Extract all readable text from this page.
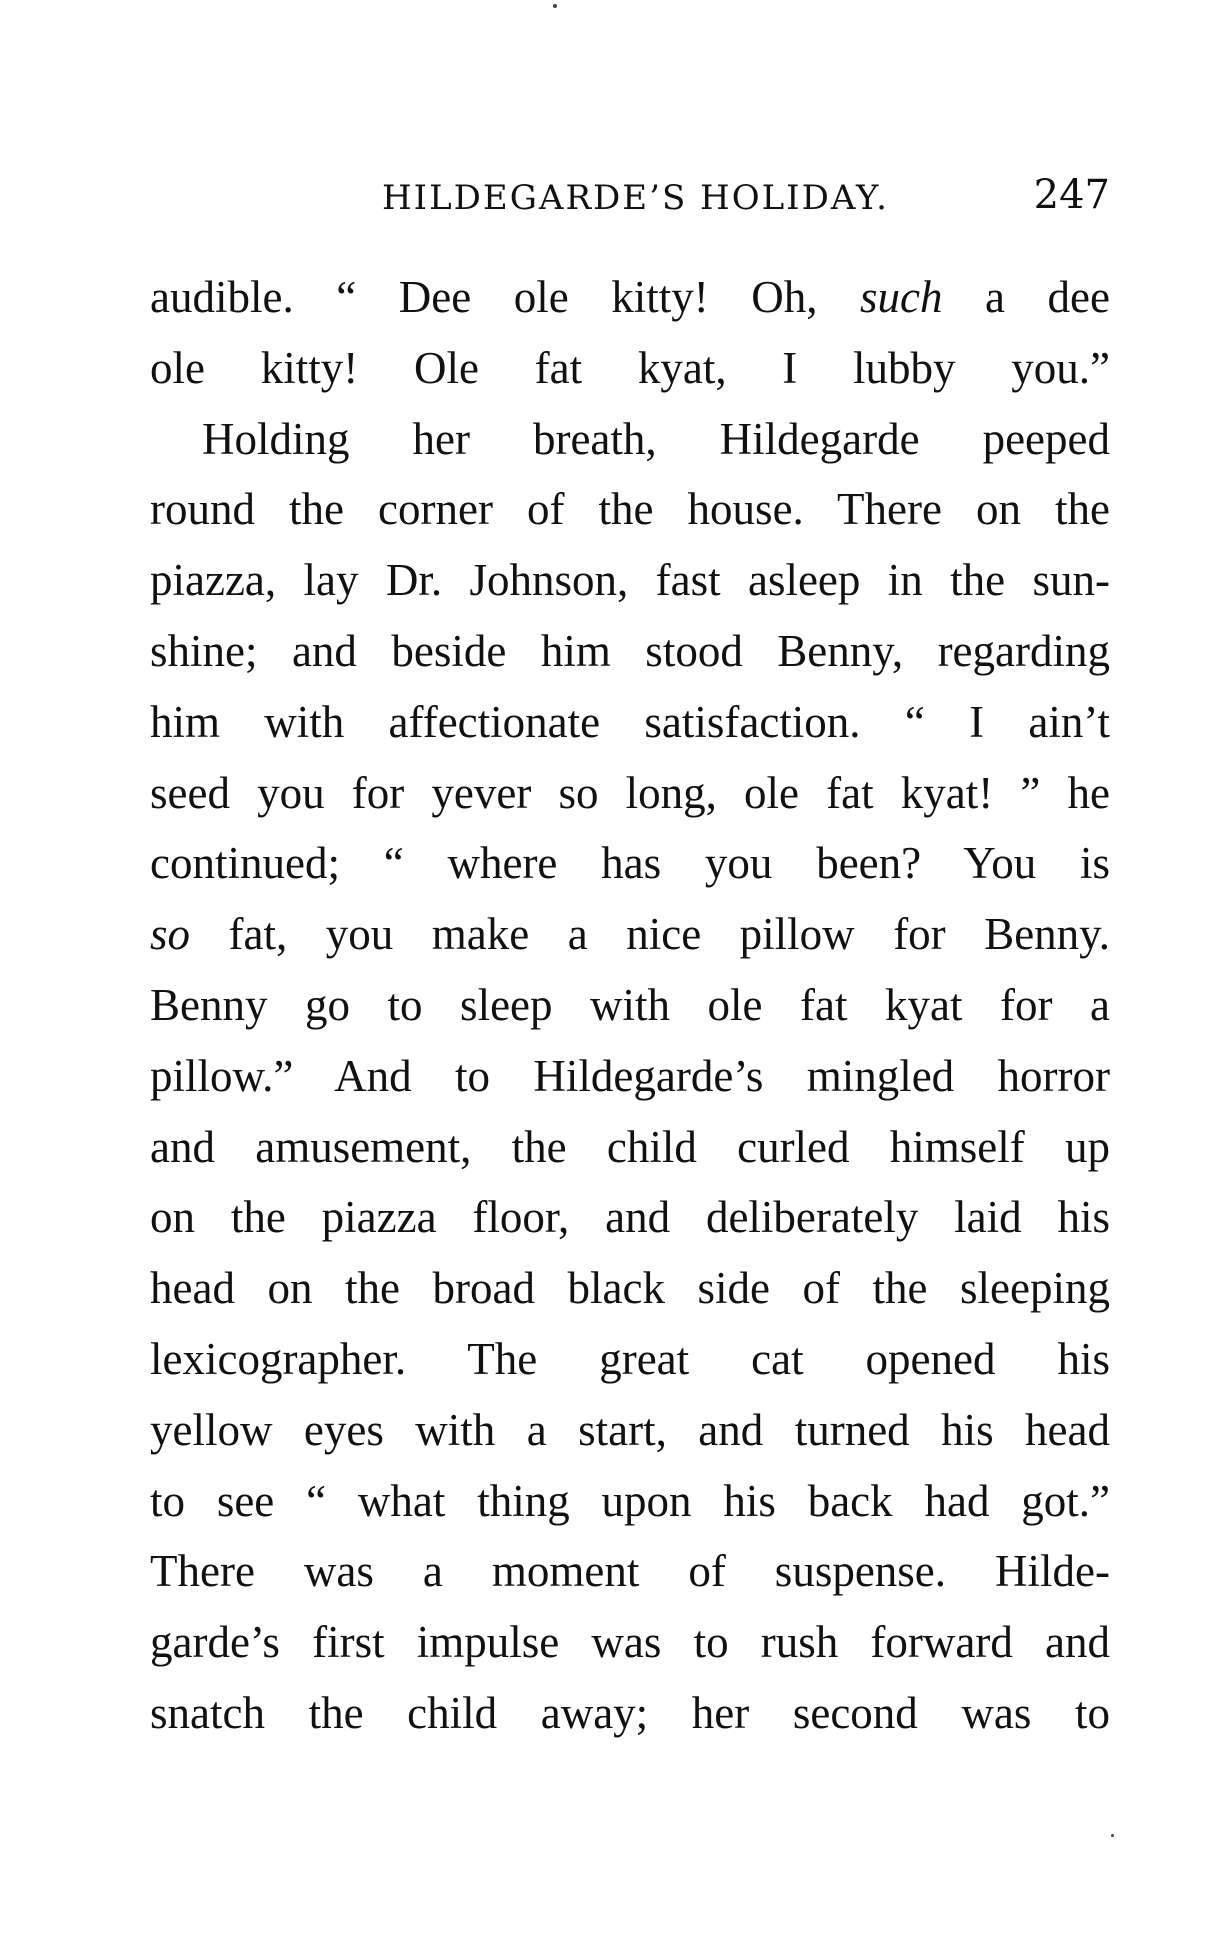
HILDEGARDE’S HOLIDAY.	247
audible. “ Dee ole kitty! Oh, such a dee
ole kitty! Ole fat kyat, I lubby you.”
Holding her breath, Hildegarde peeped
round the corner of the house. There on the
piazza, lay Dr. Johnson, fast asleep in the sun-
shine; and beside him stood Benny, regarding
him with affectionate satisfaction. “ I ain’t
seed you for yever so long, ole fat kyat! ” he
continued; “ where has you been? You is
so fat, you make a nice pillow for Benny.
Benny go to sleep with ole fat kyat for a
pillow.” And to Hildegarde’s mingled horror
and amusement, the child curled himself up
on the piazza floor, and deliberately laid his
head on the broad black side of the sleeping
lexicographer. The great cat opened his
yellow eyes with a start, and turned his head
to see “ what thing upon his back had got.”
There was a moment of suspense. Hilde-
garde’s first impulse was to rush forward and
snatch the child away; her second was to
